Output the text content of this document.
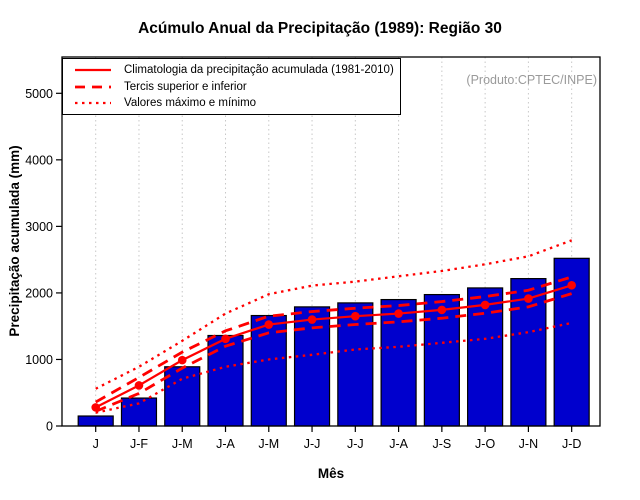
0
1000
2000
3000
4000
5000
J J-F J-M J-A J-M J-J J-J J-A J-S J-O J-N J-D
Acúmulo Anual da Precipitação (1989): Região 30
Precipitação acumulada (mm)
Mês
(Produto:CPTEC/INPE)
Climatologia da precipitação acumulada (1981-2010)
Tercis superior e inferior
Valores máximo e mínimo
